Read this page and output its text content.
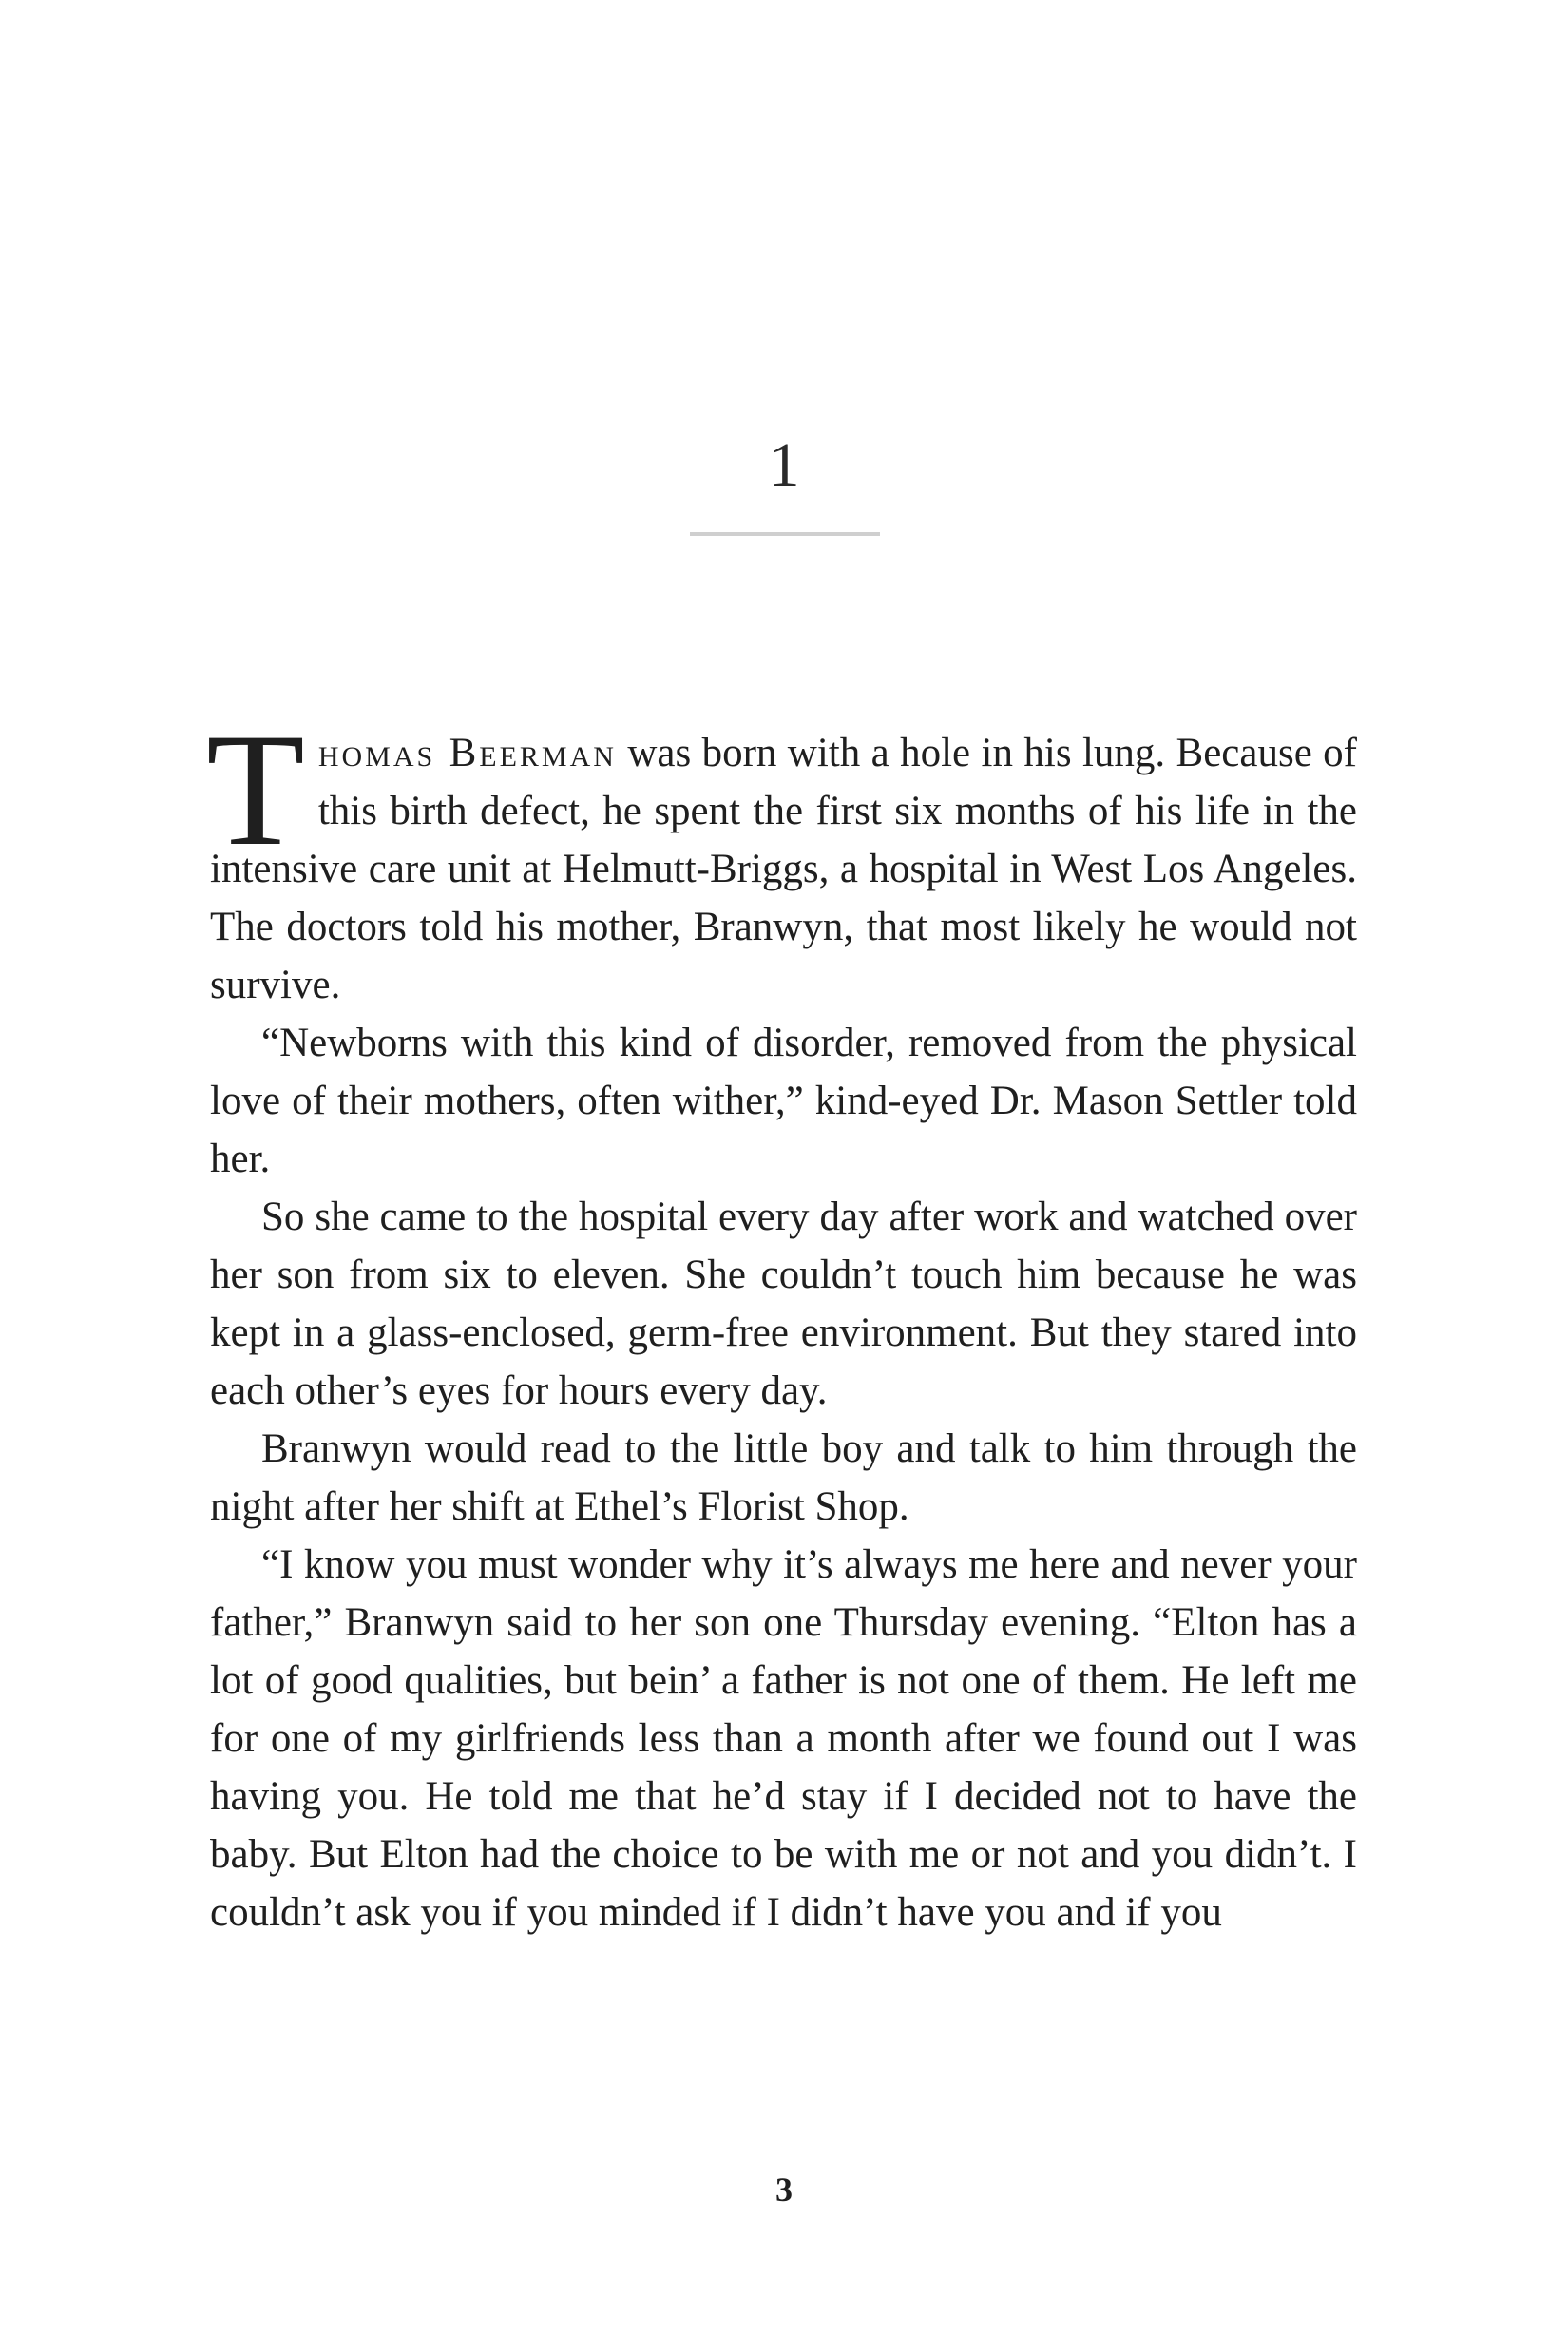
1

Thomas Beerman was born with a hole in his lung. Because of this birth defect, he spent the first six months of his life in the intensive care unit at Helmutt-Briggs, a hospital in West Los Angeles. The doctors told his mother, Branwyn, that most likely he would not survive.

“Newborns with this kind of disorder, removed from the physical love of their mothers, often wither,” kind-eyed Dr. Mason Settler told her.

So she came to the hospital every day after work and watched over her son from six to eleven. She couldn’t touch him because he was kept in a glass-enclosed, germ-free environment. But they stared into each other’s eyes for hours every day.

Branwyn would read to the little boy and talk to him through the night after her shift at Ethel’s Florist Shop.

“I know you must wonder why it’s always me here and never your father,” Branwyn said to her son one Thursday evening. “Elton has a lot of good qualities, but bein’ a father is not one of them. He left me for one of my girlfriends less than a month after we found out I was having you. He told me that he’d stay if I decided not to have the baby. But Elton had the choice to be with me or not and you didn’t. I couldn’t ask you if you minded if I didn’t have you and if you

3
